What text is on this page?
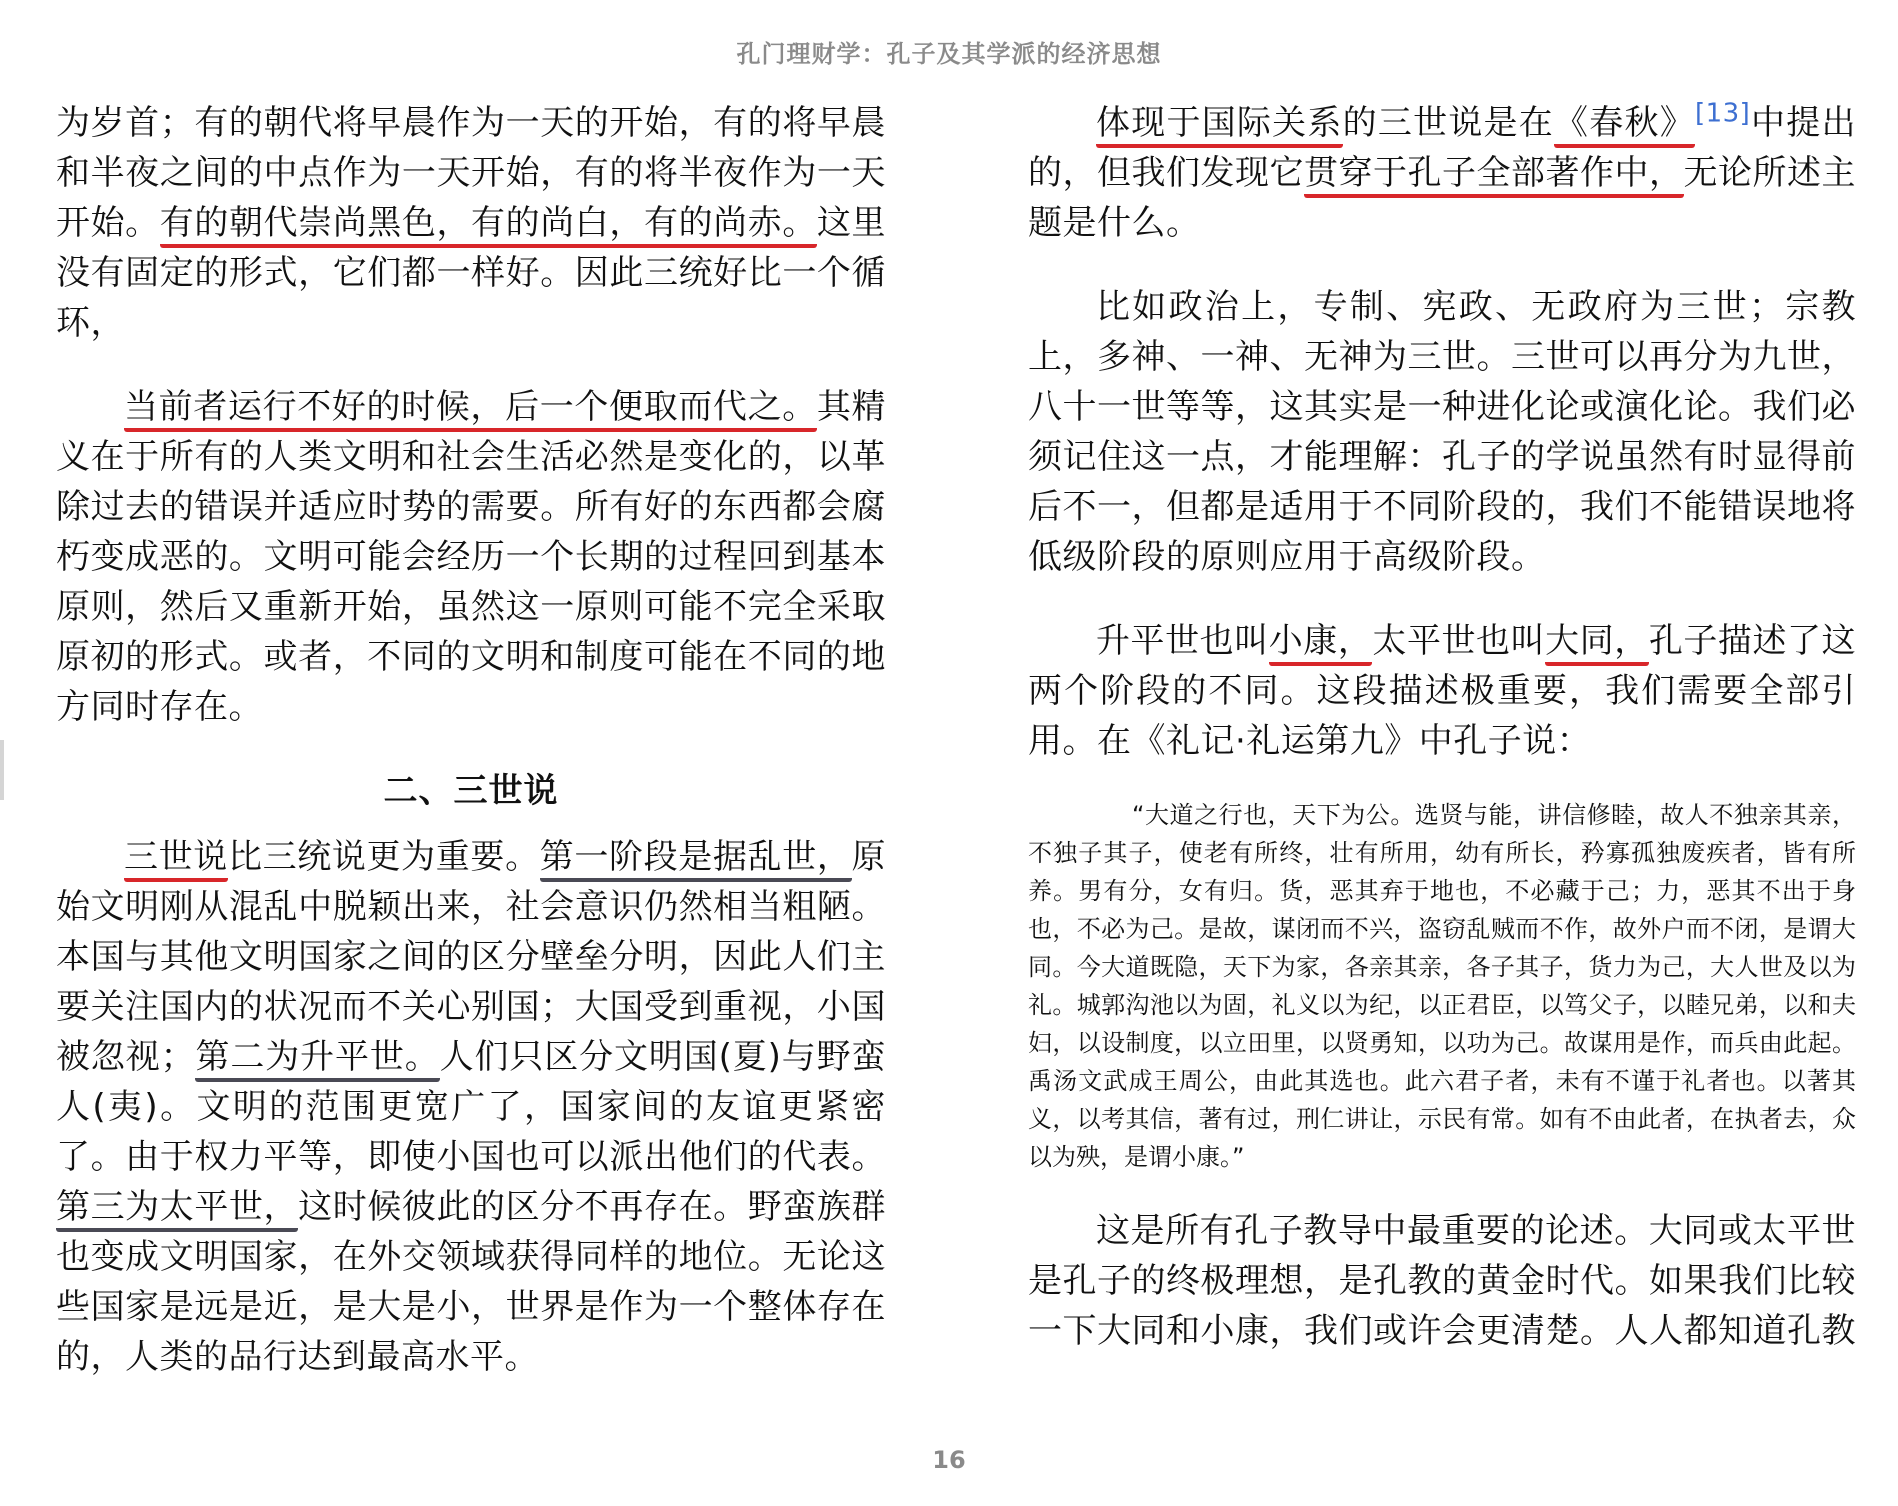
孔门理财学：孔子及其学派的经济思想

为岁首；有的朝代将早晨作为一天的开始，有的将早晨和半夜之间的中点作为一天开始，有的将半夜作为一天开始。有的朝代崇尚黑色，有的尚白，有的尚赤。这里没有固定的形式，它们都一样好。因此三统好比一个循环，

当前者运行不好的时候，后一个便取而代之。其精义在于所有的人类文明和社会生活必然是变化的，以革除过去的错误并适应时势的需要。所有好的东西都会腐朽变成恶的。文明可能会经历一个长期的过程回到基本原则，然后又重新开始，虽然这一原则可能不完全采取原初的形式。或者，不同的文明和制度可能在不同的地方同时存在。

二、三世说

三世说比三统说更为重要。第一阶段是据乱世，原始文明刚从混乱中脱颖出来，社会意识仍然相当粗陋。本国与其他文明国家之间的区分壁垒分明，因此人们主要关注国内的状况而不关心别国；大国受到重视，小国被忽视；第二为升平世。人们只区分文明国(夏)与野蛮人(夷)。文明的范围更宽广了，国家间的友谊更紧密了。由于权力平等，即使小国也可以派出他们的代表。第三为太平世，这时候彼此的区分不再存在。野蛮族群也变成文明国家，在外交领域获得同样的地位。无论这些国家是远是近，是大是小，世界是作为一个整体存在的，人类的品行达到最高水平。

体现于国际关系的三世说是在《春秋》[13]中提出的，但我们发现它贯穿于孔子全部著作中，无论所述主题是什么。

比如政治上，专制、宪政、无政府为三世；宗教上，多神、一神、无神为三世。三世可以再分为九世，八十一世等等，这其实是一种进化论或演化论。我们必须记住这一点，才能理解：孔子的学说虽然有时显得前后不一，但都是适用于不同阶段的，我们不能错误地将低级阶段的原则应用于高级阶段。

升平世也叫小康，太平世也叫大同，孔子描述了这两个阶段的不同。这段描述极重要，我们需要全部引用。在《礼记·礼运第九》中孔子说：

“大道之行也，天下为公。选贤与能，讲信修睦，故人不独亲其亲，不独子其子，使老有所终，壮有所用，幼有所长，矜寡孤独废疾者，皆有所养。男有分，女有归。货，恶其弃于地也，不必藏于己；力，恶其不出于身也，不必为己。是故，谋闭而不兴，盗窃乱贼而不作，故外户而不闭，是谓大同。今大道既隐，天下为家，各亲其亲，各子其子，货力为己，大人世及以为礼。城郭沟池以为固，礼义以为纪，以正君臣，以笃父子，以睦兄弟，以和夫妇，以设制度，以立田里，以贤勇知，以功为己。故谋用是作，而兵由此起。禹汤文武成王周公，由此其选也。此六君子者，未有不谨于礼者也。以著其义，以考其信，著有过，刑仁讲让，示民有常。如有不由此者，在执者去，众以为殃，是谓小康。”

这是所有孔子教导中最重要的论述。大同或太平世是孔子的终极理想，是孔教的黄金时代。如果我们比较一下大同和小康，我们或许会更清楚。人人都知道孔教

16
